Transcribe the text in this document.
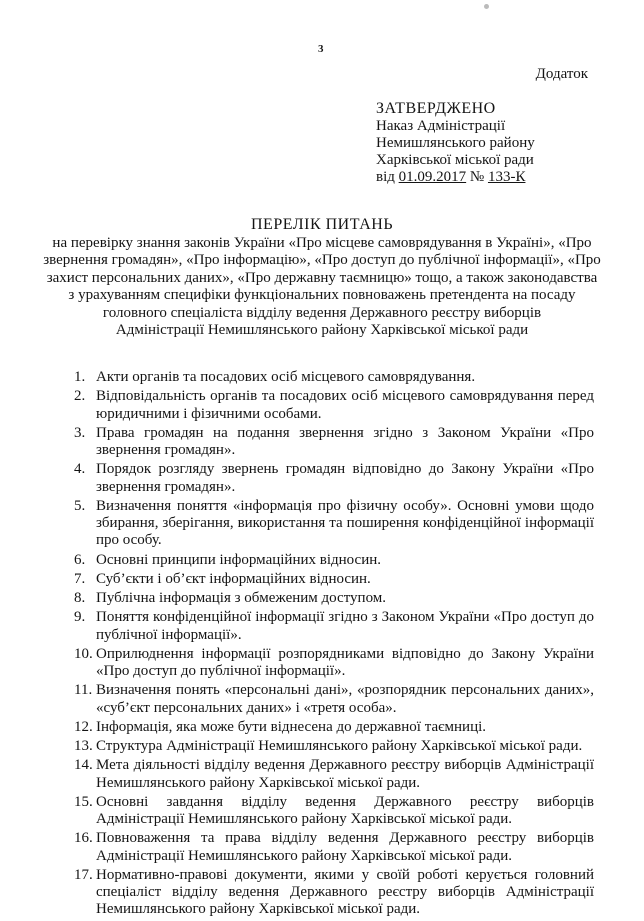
3
Додаток
ЗАТВЕРДЖЕНО
Наказ Адміністрації
Немишлянського району
Харківської міської ради
від 01.09.2017 № 133-К
ПЕРЕЛІК ПИТАНЬ
на перевірку знання законів України «Про місцеве самоврядування в Україні», «Про
звернення громадян», «Про інформацію», «Про доступ до публічної інформації», «Про
захист персональних даних», «Про державну таємницю» тощо, а також законодавства
з урахуванням специфіки функціональних повноважень претендента на посаду
головного спеціаліста відділу ведення Державного реєстру виборців
Адміністрації Немишлянського району Харківської міської ради
1. Акти органів та посадових осіб місцевого самоврядування.
2. Відповідальність органів та посадових осіб місцевого самоврядування перед юридичними і фізичними особами.
3. Права громадян на подання звернення згідно з Законом України «Про звернення громадян».
4. Порядок розгляду звернень громадян відповідно до Закону України «Про звернення громадян».
5. Визначення поняття «інформація про фізичну особу». Основні умови щодо збирання, зберігання, використання та поширення конфіденційної інформації про особу.
6. Основні принципи інформаційних відносин.
7. Суб’єкти і об’єкт інформаційних відносин.
8. Публічна інформація з обмеженим доступом.
9. Поняття конфіденційної інформації згідно з Законом України «Про доступ до публічної інформації».
10. Оприлюднення інформації розпорядниками відповідно до Закону України «Про доступ до публічної інформації».
11. Визначення понять «персональні дані», «розпорядник персональних даних», «суб’єкт персональних даних» і «третя особа».
12. Інформація, яка може бути віднесена до державної таємниці.
13. Структура Адміністрації Немишлянського району Харківської міської ради.
14. Мета діяльності відділу ведення Державного реєстру виборців Адміністрації Немишлянського району Харківської міської ради.
15. Основні завдання відділу ведення Державного реєстру виборців Адміністрації Немишлянського району Харківської міської ради.
16. Повноваження та права відділу ведення Державного реєстру виборців Адміністрації Немишлянського району Харківської міської ради.
17. Нормативно-правові документи, якими у своїй роботі керується головний спеціаліст відділу ведення Державного реєстру виборців Адміністрації Немишлянського району Харківської міської ради.
